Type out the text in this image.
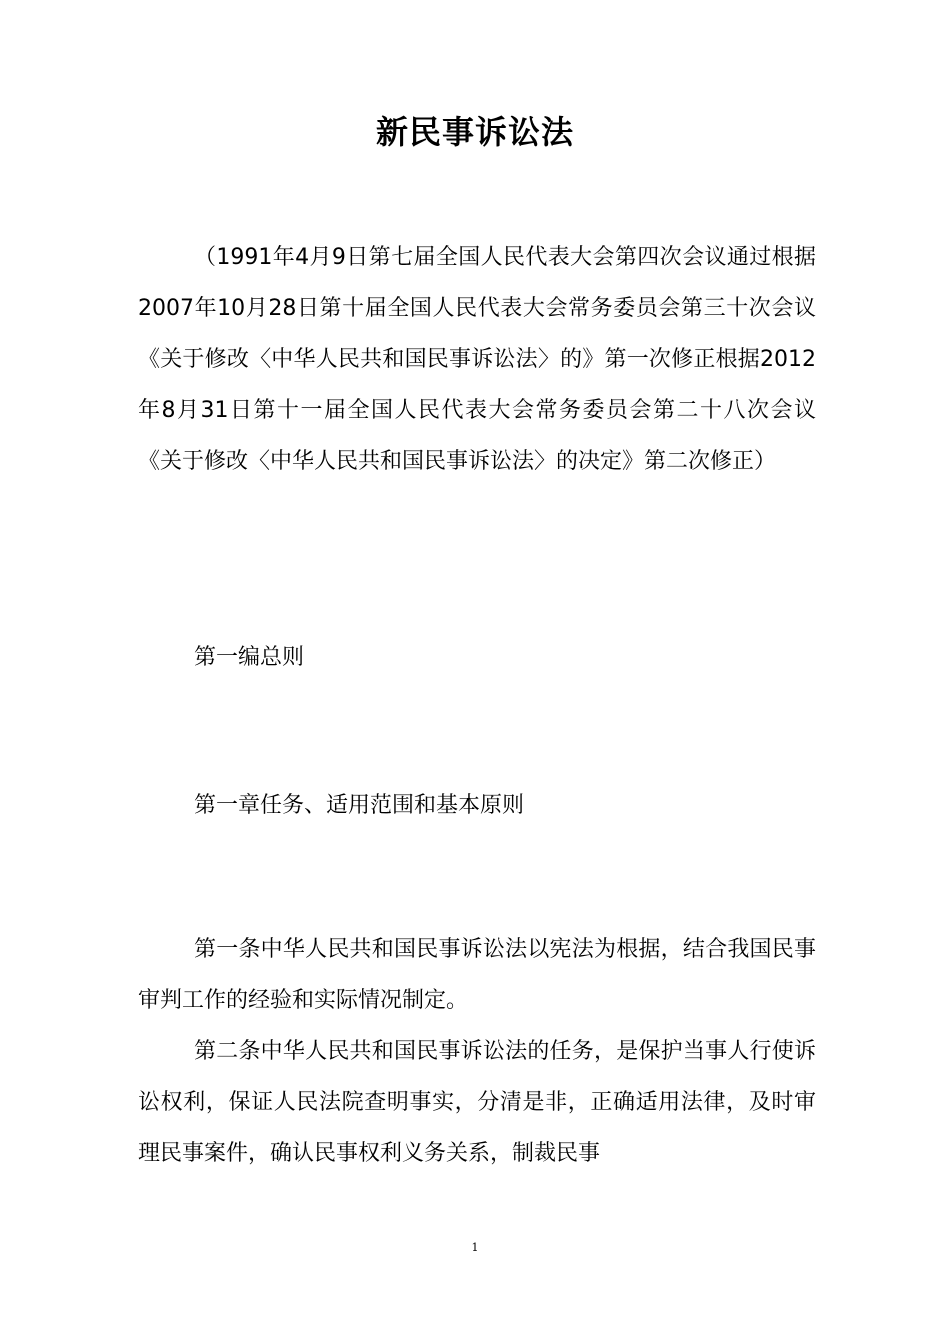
新民事诉讼法

（1991年4月9日第七届全国人民代表大会第四次会议通过根据2007年10月28日第十届全国人民代表大会常务委员会第三十次会议《关于修改〈中华人民共和国民事诉讼法〉的》第一次修正根据2012年8月31日第十一届全国人民代表大会常务委员会第二十八次会议《关于修改〈中华人民共和国民事诉讼法〉的决定》第二次修正）

第一编总则

第一章任务、适用范围和基本原则

第一条中华人民共和国民事诉讼法以宪法为根据，结合我国民事审判工作的经验和实际情况制定。

第二条中华人民共和国民事诉讼法的任务，是保护当事人行使诉讼权利，保证人民法院查明事实，分清是非，正确适用法律，及时审理民事案件，确认民事权利义务关系，制裁民事

1
